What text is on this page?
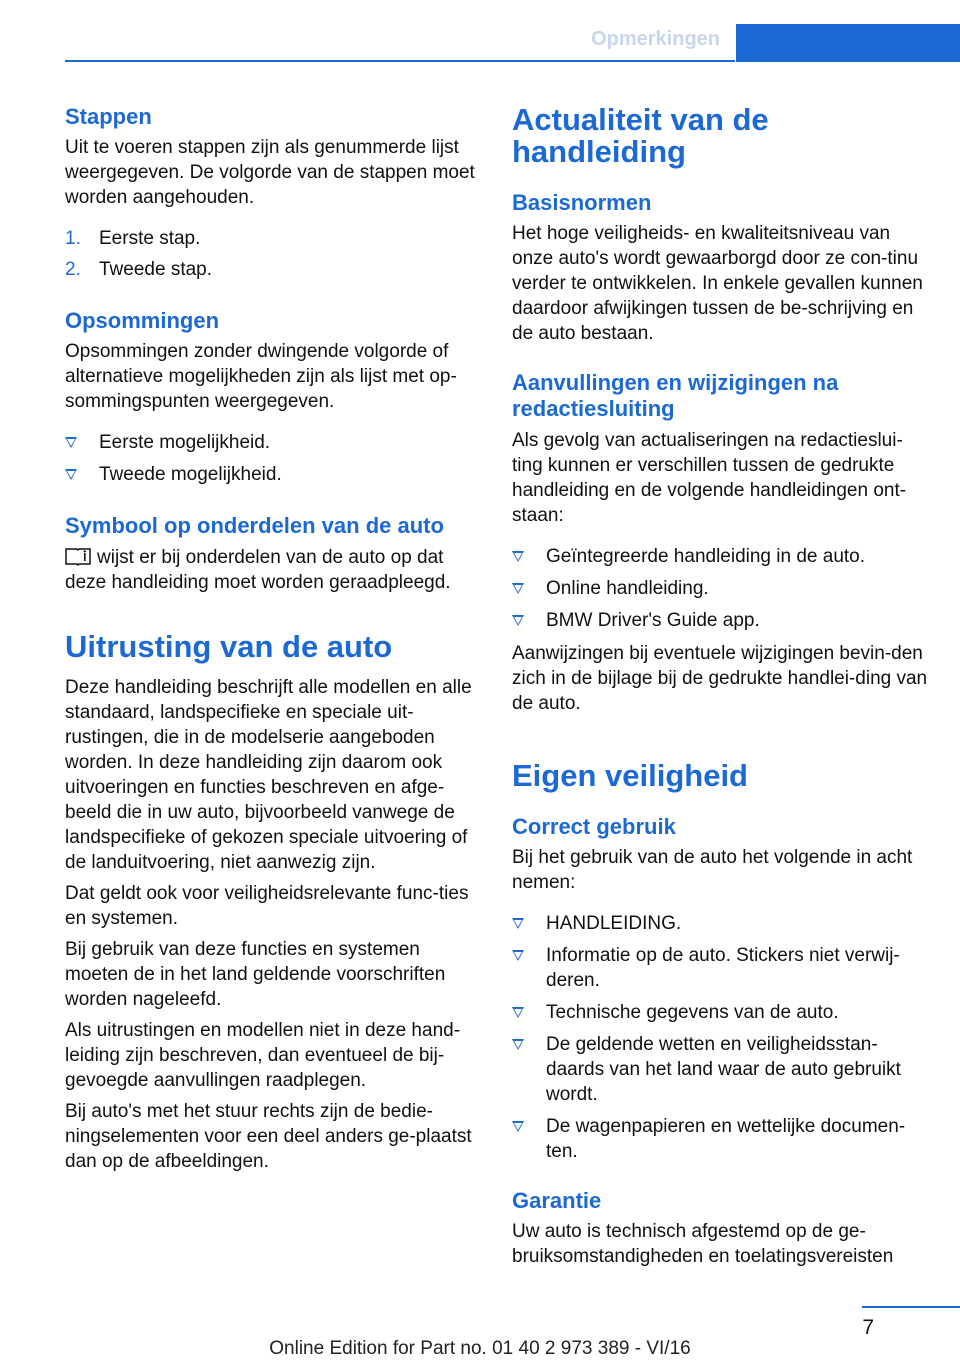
Opmerkingen
Stappen

Uit te voeren stappen zijn als genummerde lijst weergegeven. De volgorde van de stappen moet worden aangehouden.

1. Eerste stap.
2. Tweede stap.
Opsommingen

Opsommingen zonder dwingende volgorde of alternatieve mogelijkheden zijn als lijst met op-sommingspunten weergegeven.

Eerste mogelijkheid.
Tweede mogelijkheid.
Symbool op onderdelen van de auto

wijst er bij onderdelen van de auto op dat deze handleiding moet worden geraadpleegd.

Uitrusting van de auto

Deze handleiding beschrijft alle modellen en alle standaard, landspecifieke en speciale uit-rustingen, die in de modelserie aangeboden worden. In deze handleiding zijn daarom ook uitvoeringen en functies beschreven en afge-beeld die in uw auto, bijvoorbeeld vanwege de landspecifieke of gekozen speciale uitvoering of de landuitvoering, niet aanwezig zijn.

Dat geldt ook voor veiligheidsrelevante func-ties en systemen.

Bij gebruik van deze functies en systemen moeten de in het land geldende voorschriften worden nageleefd.

Als uitrustingen en modellen niet in deze hand-leiding zijn beschreven, dan eventueel de bij-gevoegde aanvullingen raadplegen.

Bij auto's met het stuur rechts zijn de bedie-ningselementen voor een deel anders ge-plaatst dan op de afbeeldingen.

Actualiteit van de handleiding
Basisnormen

Het hoge veiligheids- en kwaliteitsniveau van onze auto's wordt gewaarborgd door ze con-tinu verder te ontwikkelen. In enkele gevallen kunnen daardoor afwijkingen tussen de be-schrijving en de auto bestaan.

Aanvullingen en wijzigingen na redactiesluiting

Als gevolg van actualiseringen na redactieslui-ting kunnen er verschillen tussen de gedrukte handleiding en de volgende handleidingen ont-staan:

Geïntegreerde handleiding in de auto.
Online handleiding.
BMW Driver's Guide app.

Aanwijzingen bij eventuele wijzigingen bevin-den zich in de bijlage bij de gedrukte handlei-ding van de auto.

Eigen veiligheid
Correct gebruik

Bij het gebruik van de auto het volgende in acht nemen:

HANDLEIDING.
Informatie op de auto. Stickers niet verwij-deren.
Technische gegevens van de auto.
De geldende wetten en veiligheidsstan-daards van het land waar de auto gebruikt wordt.
De wagenpapieren en wettelijke documen-ten.
Garantie

Uw auto is technisch afgestemd op de ge-bruiksomstandigheden en toelatingsvereisten

7
Online Edition for Part no. 01 40 2 973 389 - VI/16
